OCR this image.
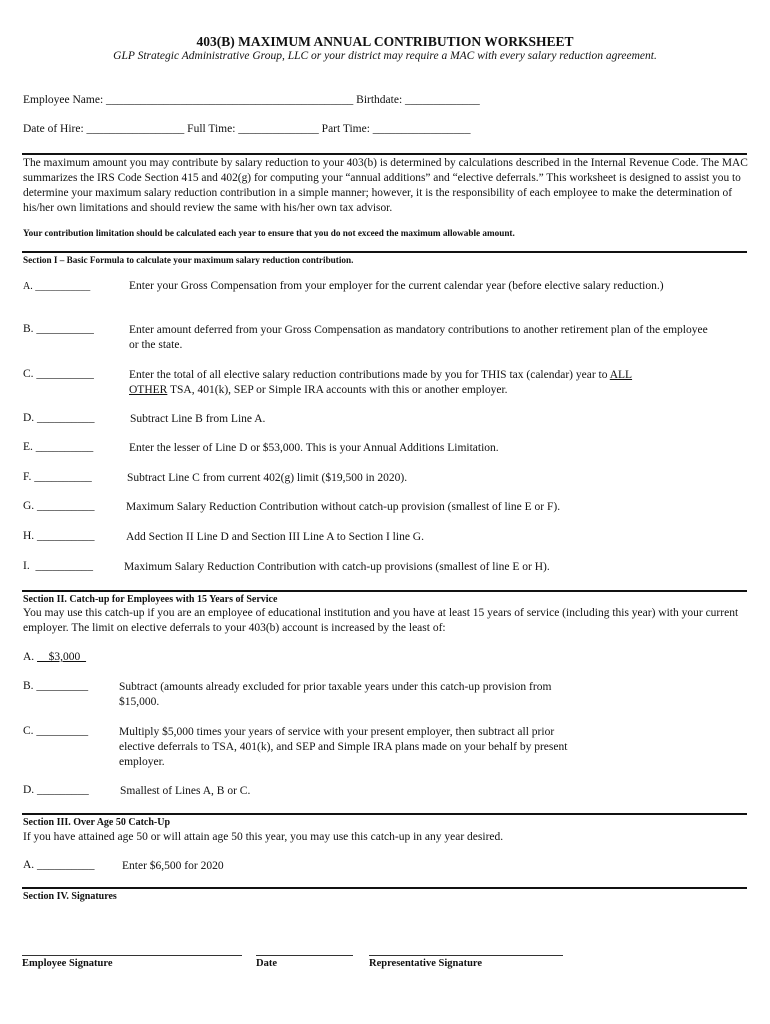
403(B) MAXIMUM ANNUAL CONTRIBUTION WORKSHEET
GLP Strategic Administrative Group, LLC or your district may require a MAC with every salary reduction agreement.
Employee Name: ___________________________________________ Birthdate: _____________
Date of Hire: _________________ Full Time: ______________ Part Time: _________________
The maximum amount you may contribute by salary reduction to your 403(b) is determined by calculations described in the Internal Revenue Code. The MAC summarizes the IRS Code Section 415 and 402(g) for computing your “annual additions” and “elective deferrals.” This worksheet is designed to assist you to determine your maximum salary reduction contribution in a simple manner; however, it is the responsibility of each employee to make the determination of his/her own limitations and should review the same with his/her own tax advisor.
Your contribution limitation should be calculated each year to ensure that you do not exceed the maximum allowable amount.
Section I – Basic Formula to calculate your maximum salary reduction contribution.
A. ___________	Enter your Gross Compensation from your employer for the current calendar year (before elective salary reduction.)
B. __________	Enter amount deferred from your Gross Compensation as mandatory contributions to another retirement plan of the employee or the state.
C. __________	Enter the total of all elective salary reduction contributions made by you for THIS tax (calendar) year to ALL
OTHER TSA, 401(k), SEP or Simple IRA accounts with this or another employer.
D. __________	Subtract Line B from Line A.
E. __________	Enter the lesser of Line D or $53,000. This is your Annual Additions Limitation.
F. __________	Subtract Line C from current 402(g) limit ($19,500 in 2020).
G. __________	Maximum Salary Reduction Contribution without catch-up provision (smallest of line E or F).
H. __________	Add Section II Line D and Section III Line A to Section I line G.
I.  __________	Maximum Salary Reduction Contribution with catch-up provisions (smallest of line E or H).
Section II. Catch-up for Employees with 15 Years of Service
You may use this catch-up if you are an employee of educational institution and you have at least 15 years of service (including this year) with your current employer. The limit on elective deferrals to your 403(b) account is increased by the least of:
A. __$3,000_
B. _________	Subtract (amounts already excluded for prior taxable years under this catch-up provision from $15,000.
C. _________	Multiply $5,000 times your years of service with your present employer, then subtract all prior elective deferrals to TSA, 401(k), and SEP and Simple IRA plans made on your behalf by present employer.
D. _________	Smallest of Lines A, B or C.
Section III. Over Age 50 Catch-Up
If you have attained age 50 or will attain age 50 this year, you may use this catch-up in any year desired.
A. __________ Enter $6,500 for 2020
Section IV. Signatures
Employee Signature	Date	Representative Signature
